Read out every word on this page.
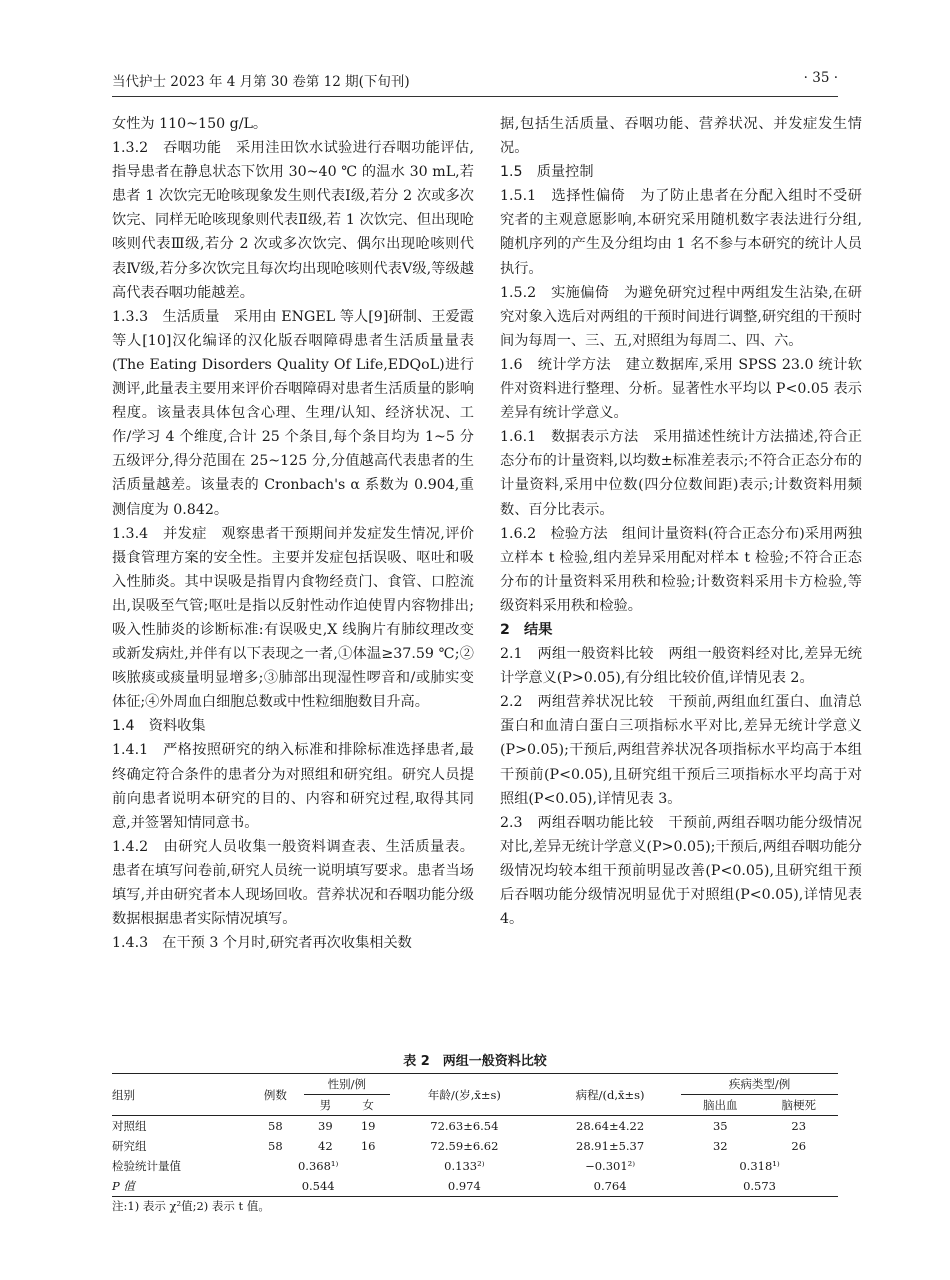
当代护士 2023 年 4 月第 30 卷第 12 期(下旬刊)	· 35 ·

女性为 110~150 g/L。

1.3.2　吞咽功能　采用洼田饮水试验进行吞咽功能评估,指导患者在静息状态下饮用 30~40 ℃ 的温水 30 mL,若患者 1 次饮完无呛咳现象发生则代表Ⅰ级,若分 2 次或多次饮完、同样无呛咳现象则代表Ⅱ级,若 1 次饮完、但出现呛咳则代表Ⅲ级,若分 2 次或多次饮完、偶尔出现呛咳则代表Ⅳ级,若分多次饮完且每次均出现呛咳则代表Ⅴ级,等级越高代表吞咽功能越差。

1.3.3　生活质量　采用由 ENGEL 等人[9]研制、王爱霞等人[10]汉化编译的汉化版吞咽障碍患者生活质量量表(The Eating Disorders Quality Of Life,EDQoL)进行测评,此量表主要用来评价吞咽障碍对患者生活质量的影响程度。该量表具体包含心理、生理/认知、经济状况、工作/学习 4 个维度,合计 25 个条目,每个条目均为 1~5 分五级评分,得分范围在 25~125 分,分值越高代表患者的生活质量越差。该量表的 Cronbach's α 系数为 0.904,重测信度为 0.842。

1.3.4　并发症　观察患者干预期间并发症发生情况,评价摄食管理方案的安全性。主要并发症包括误吸、呕吐和吸入性肺炎。其中误吸是指胃内食物经贲门、食管、口腔流出,误吸至气管;呕吐是指以反射性动作迫使胃内容物排出;吸入性肺炎的诊断标准:有误吸史,X 线胸片有肺纹理改变或新发病灶,并伴有以下表现之一者,①体温≥37.59 ℃;②咳脓痰或痰量明显增多;③肺部出现湿性啰音和/或肺实变体征;④外周血白细胞总数或中性粒细胞数目升高。

1.4　资料收集

1.4.1　严格按照研究的纳入标准和排除标准选择患者,最终确定符合条件的患者分为对照组和研究组。研究人员提前向患者说明本研究的目的、内容和研究过程,取得其同意,并签署知情同意书。

1.4.2　由研究人员收集一般资料调查表、生活质量表。患者在填写问卷前,研究人员统一说明填写要求。患者当场填写,并由研究者本人现场回收。营养状况和吞咽功能分级数据根据患者实际情况填写。

1.4.3　在干预 3 个月时,研究者再次收集相关数

据,包括生活质量、吞咽功能、营养状况、并发症发生情况。

1.5　质量控制

1.5.1　选择性偏倚　为了防止患者在分配入组时不受研究者的主观意愿影响,本研究采用随机数字表法进行分组,随机序列的产生及分组均由 1 名不参与本研究的统计人员执行。

1.5.2　实施偏倚　为避免研究过程中两组发生沾染,在研究对象入选后对两组的干预时间进行调整,研究组的干预时间为每周一、三、五,对照组为每周二、四、六。

1.6　统计学方法　建立数据库,采用 SPSS 23.0 统计软件对资料进行整理、分析。显著性水平均以 P<0.05 表示差异有统计学意义。

1.6.1　数据表示方法　采用描述性统计方法描述,符合正态分布的计量资料,以均数±标准差表示;不符合正态分布的计量资料,采用中位数(四分位数间距)表示;计数资料用频数、百分比表示。

1.6.2　检验方法　组间计量资料(符合正态分布)采用两独立样本 t 检验,组内差异采用配对样本 t 检验;不符合正态分布的计量资料采用秩和检验;计数资料采用卡方检验,等级资料采用秩和检验。

2　结果

2.1　两组一般资料比较　两组一般资料经对比,差异无统计学意义(P>0.05),有分组比较价值,详情见表 2。

2.2　两组营养状况比较　干预前,两组血红蛋白、血清总蛋白和血清白蛋白三项指标水平对比,差异无统计学意义(P>0.05);干预后,两组营养状况各项指标水平均高于本组干预前(P<0.05),且研究组干预后三项指标水平均高于对照组(P<0.05),详情见表 3。

2.3　两组吞咽功能比较　干预前,两组吞咽功能分级情况对比,差异无统计学意义(P>0.05);干预后,两组吞咽功能分级情况均较本组干预前明显改善(P<0.05),且研究组干预后吞咽功能分级情况明显优于对照组(P<0.05),详情见表 4。

表 2　两组一般资料比较
组别	例数	性别/例		年龄/(岁,x̄±s)	病程/(d,x̄±s)	疾病类型/例	
		男	女			脑出血	脑梗死
对照组	58	39	19	72.63±6.54	28.64±4.22	35	23
研究组	58	42	16	72.59±6.62	28.91±5.37	32	26
检验统计量值	0.368¹⁾			0.133²⁾	−0.301²⁾	0.318¹⁾	
P 值	0.544			0.974	0.764	0.573	
注:1) 表示 χ²值;2) 表示 t 值。
